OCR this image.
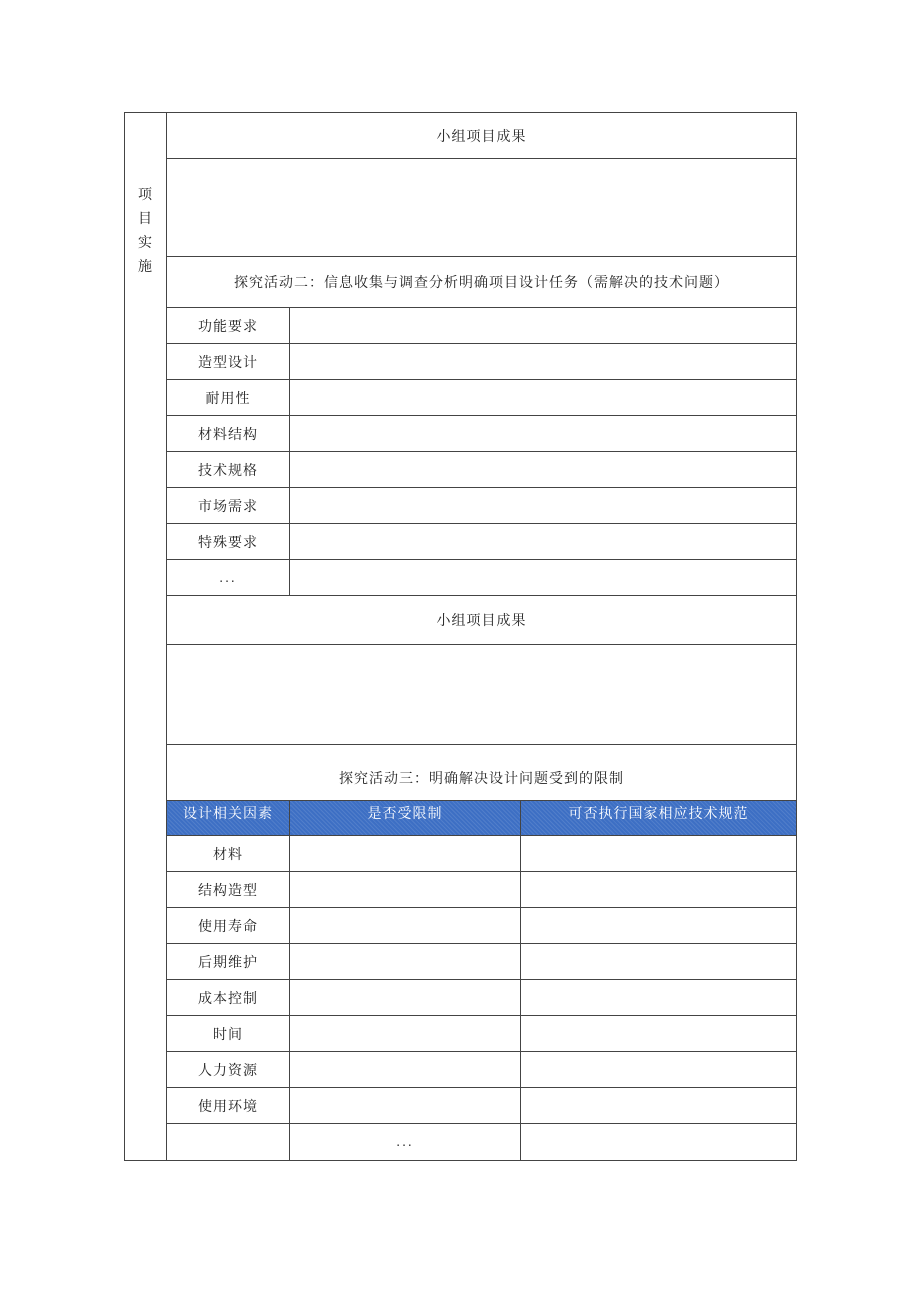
项
目
实
施	小组项目成果			

	探究活动二：信息收集与调查分析明确项目设计任务（需解决的技术问题）			
	功能要求			
	造型设计			
	耐用性			
	材料结构			
	技术规格			
	市场需求			
	特殊要求			
	...			
	小组项目成果			

	探究活动三：明确解决设计问题受到的限制			
	设计相关因素	是否受限制	可否执行国家相应技术规范	
	材料			
	结构造型			
	使用寿命			
	后期维护			
	成本控制			
	时间			
	人力资源			
	使用环境			
		...		
